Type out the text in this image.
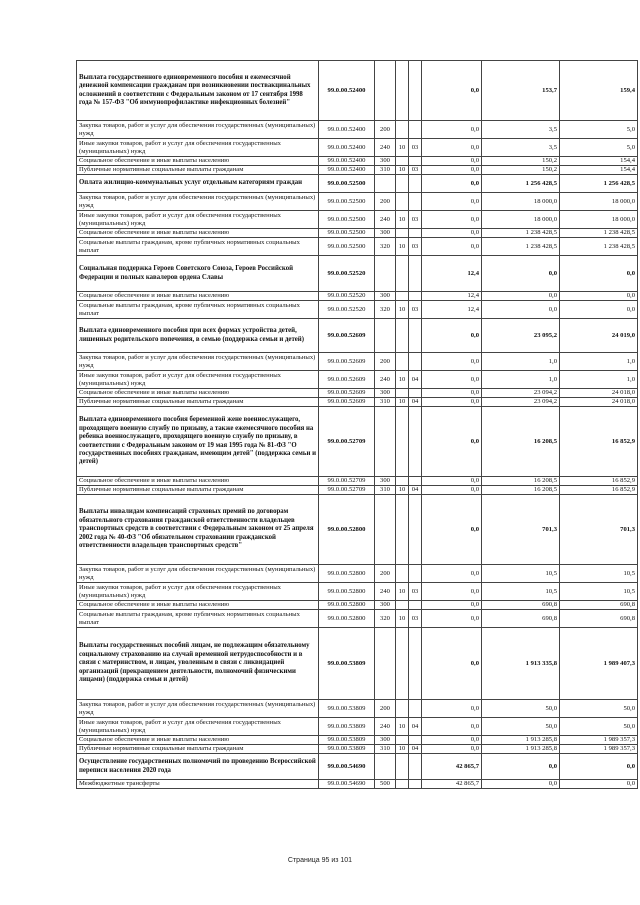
Выплата государственного единовременного пособия и ежемесячной денежной компенсации гражданам при возникновении поствакцинальных осложнений в соответствии с Федеральным законом от 17 сентября 1998 года № 157-ФЗ "Об иммунопрофилактике инфекционных болезней"	99.0.00.52400				0,0	153,7	159,4
Закупка товаров, работ и услуг для обеспечения государственных (муниципальных) нужд	99.0.00.52400	200			0,0	3,5	5,0
Иные закупки товаров, работ и услуг для обеспечения государственных (муниципальных) нужд	99.0.00.52400	240	10	03	0,0	3,5	5,0
Социальное обеспечение и иные выплаты населению	99.0.00.52400	300			0,0	150,2	154,4
Публичные нормативные социальные выплаты гражданам	99.0.00.52400	310	10	03	0,0	150,2	154,4
Оплата жилищно-коммунальных услуг отдельным категориям граждан	99.0.00.52500				0,0	1 256 428,5	1 256 428,5
Закупка товаров, работ и услуг для обеспечения государственных (муниципальных) нужд	99.0.00.52500	200			0,0	18 000,0	18 000,0
Иные закупки товаров, работ и услуг для обеспечения государственных (муниципальных) нужд	99.0.00.52500	240	10	03	0,0	18 000,0	18 000,0
Социальное обеспечение и иные выплаты населению	99.0.00.52500	300			0,0	1 238 428,5	1 238 428,5
Социальные выплаты гражданам, кроме публичных нормативных социальных выплат	99.0.00.52500	320	10	03	0,0	1 238 428,5	1 238 428,5
Социальная поддержка Героев Советского Союза, Героев Российской Федерации и полных кавалеров ордена Славы	99.0.00.52520				12,4	0,0	0,0
Социальное обеспечение и иные выплаты населению	99.0.00.52520	300			12,4	0,0	0,0
Социальные выплаты гражданам, кроме публичных нормативных социальных выплат	99.0.00.52520	320	10	03	12,4	0,0	0,0
Выплата единовременного пособия при всех формах устройства детей, лишенных родительского попечения, в семью (поддержка семьи и детей)	99.0.00.52609				0,0	23 095,2	24 019,0
Закупка товаров, работ и услуг для обеспечения государственных (муниципальных) нужд	99.0.00.52609	200			0,0	1,0	1,0
Иные закупки товаров, работ и услуг для обеспечения государственных (муниципальных) нужд	99.0.00.52609	240	10	04	0,0	1,0	1,0
Социальное обеспечение и иные выплаты населению	99.0.00.52609	300			0,0	23 094,2	24 018,0
Публичные нормативные социальные выплаты гражданам	99.0.00.52609	310	10	04	0,0	23 094,2	24 018,0
Выплата единовременного пособия беременной жене военнослужащего, проходящего военную службу по призыву, а также ежемесячного пособия на ребенка военнослужащего, проходящего военную службу по призыву, в соответствии с Федеральным законом от 19 мая 1995 года № 81-ФЗ "О государственных пособиях гражданам, имеющим детей" (поддержка семьи и детей)	99.0.00.52709				0,0	16 208,5	16 852,9
Социальное обеспечение и иные выплаты населению	99.0.00.52709	300			0,0	16 208,5	16 852,9
Публичные нормативные социальные выплаты гражданам	99.0.00.52709	310	10	04	0,0	16 208,5	16 852,9
Выплаты инвалидам компенсаций страховых премий по договорам обязательного страхования гражданской ответственности владельцев транспортных средств в соответствии с Федеральным законом от 25 апреля 2002 года № 40-ФЗ "Об обязательном страховании гражданской ответственности владельцев транспортных средств"	99.0.00.52800				0,0	701,3	701,3
Закупка товаров, работ и услуг для обеспечения государственных (муниципальных) нужд	99.0.00.52800	200			0,0	10,5	10,5
Иные закупки товаров, работ и услуг для обеспечения государственных (муниципальных) нужд	99.0.00.52800	240	10	03	0,0	10,5	10,5
Социальное обеспечение и иные выплаты населению	99.0.00.52800	300			0,0	690,8	690,8
Социальные выплаты гражданам, кроме публичных нормативных социальных выплат	99.0.00.52800	320	10	03	0,0	690,8	690,8
Выплаты государственных пособий лицам, не подлежащим обязательному социальному страхованию на случай временной нетрудоспособности и в связи с материнством, и лицам, уволенным в связи с ликвидацией организаций (прекращением деятельности, полномочий физическими лицами) (поддержка семьи и детей)	99.0.00.53809				0,0	1 913 335,8	1 989 407,3
Закупка товаров, работ и услуг для обеспечения государственных (муниципальных) нужд	99.0.00.53809	200			0,0	50,0	50,0
Иные закупки товаров, работ и услуг для обеспечения государственных (муниципальных) нужд	99.0.00.53809	240	10	04	0,0	50,0	50,0
Социальное обеспечение и иные выплаты населению	99.0.00.53809	300			0,0	1 913 285,8	1 989 357,3
Публичные нормативные социальные выплаты гражданам	99.0.00.53809	310	10	04	0,0	1 913 285,8	1 989 357,3
Осуществление государственных полномочий по проведению Всероссийской переписи населения 2020 года	99.0.00.54690				42 865,7	0,0	0,0
Межбюджетные трансферты	99.0.00.54690	500			42 865,7	0,0	0,0
Страница 95 из 101
